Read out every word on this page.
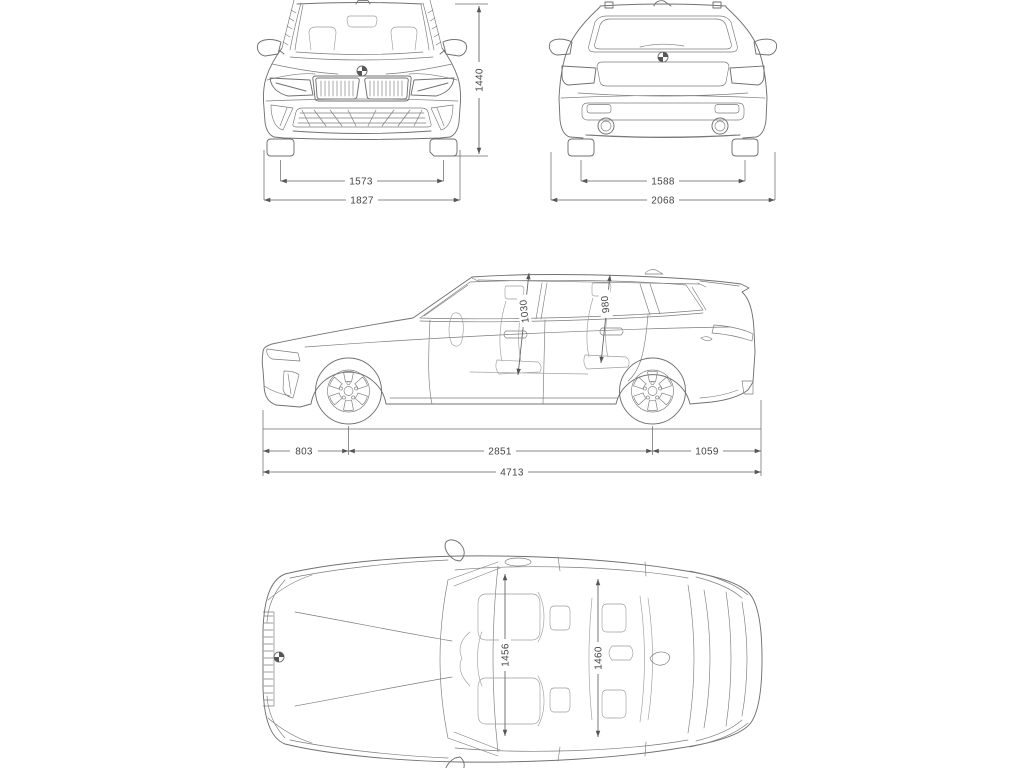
1440
1573
1827
1588
2068
1030	980
803	2851	1059
4713
1456	1460
